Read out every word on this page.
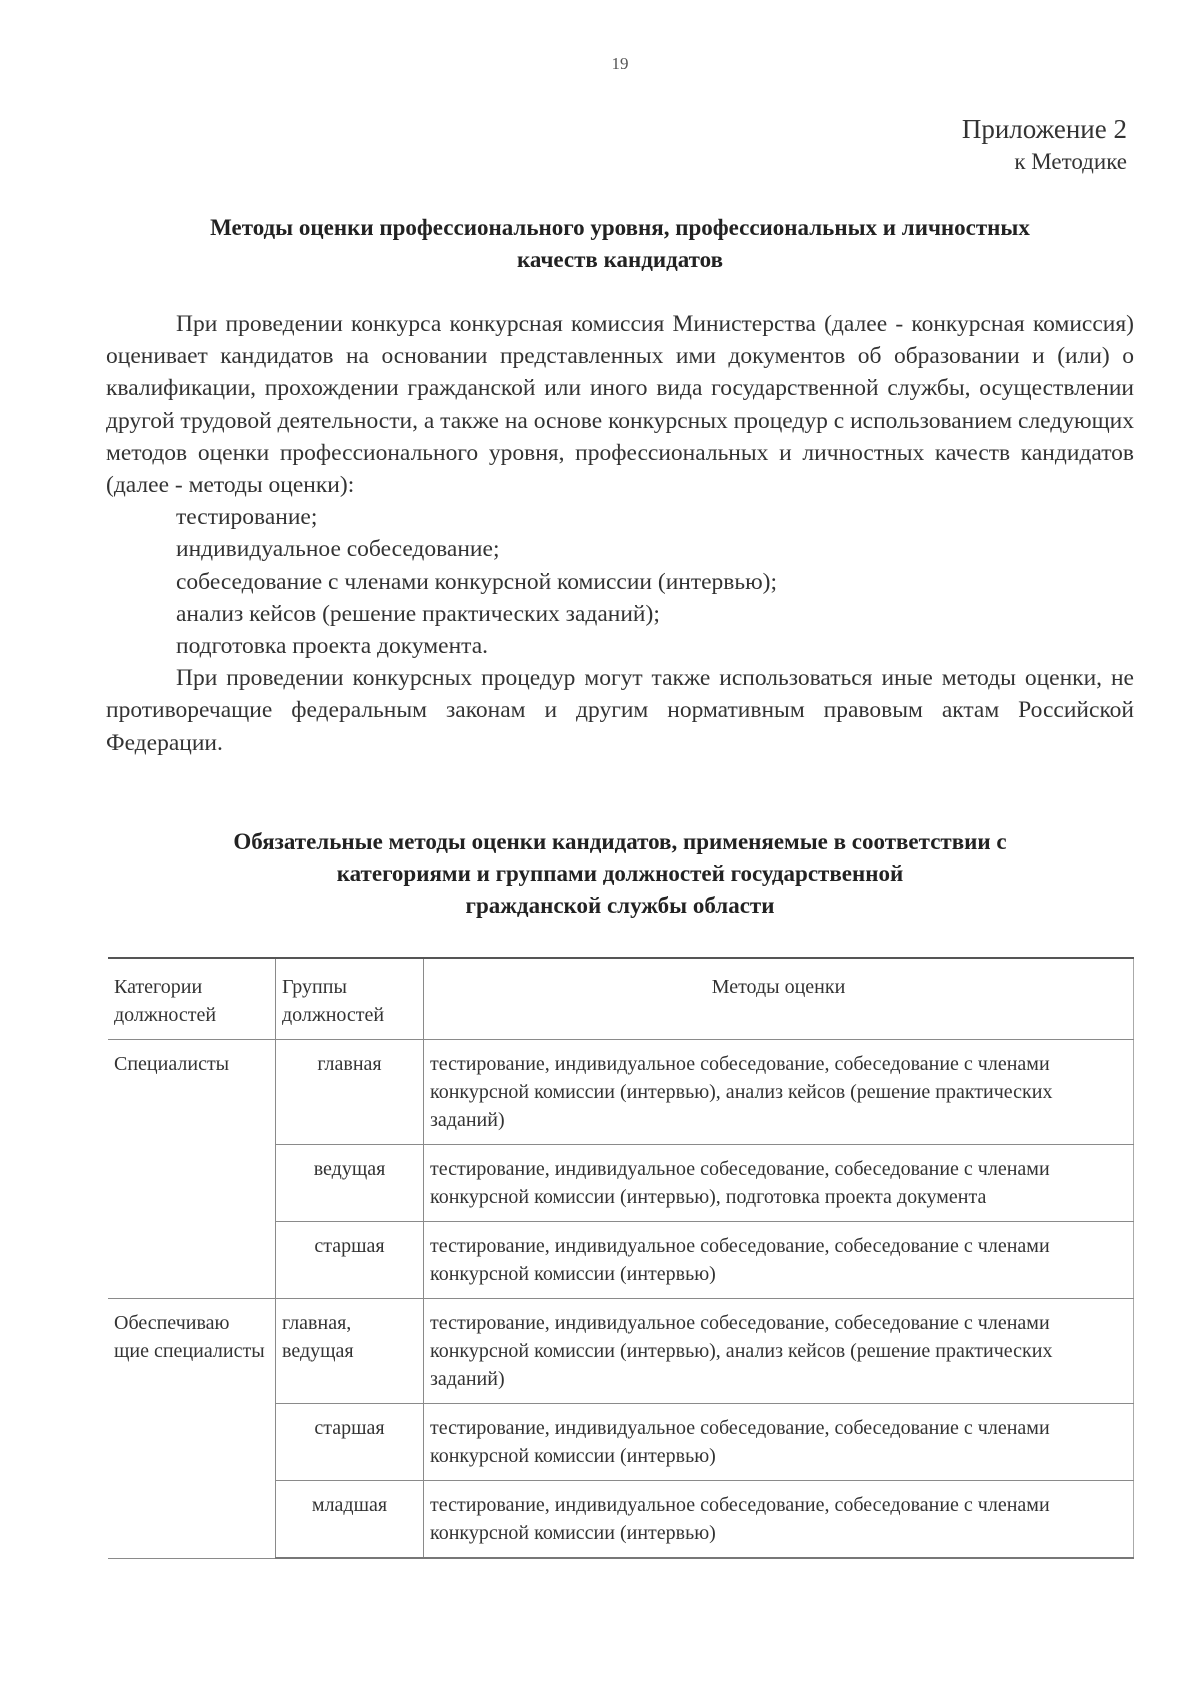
19
Приложение 2
к Методике
Методы оценки профессионального уровня, профессиональных и личностных
качеств кандидатов

При проведении конкурса конкурсная комиссия Министерства (далее - конкурсная комиссия) оценивает кандидатов на основании представленных ими документов об образовании и (или) о квалификации, прохождении гражданской или иного вида государственной службы, осуществлении другой трудовой деятельности, а также на основе конкурсных процедур с использованием следующих методов оценки профессионального уровня, профессиональных и личностных качеств кандидатов (далее - методы оценки):

тестирование;
индивидуальное собеседование;
собеседование с членами конкурсной комиссии (интервью);
анализ кейсов (решение практических заданий);
подготовка проекта документа.

При проведении конкурсных процедур могут также использоваться иные методы оценки, не противоречащие федеральным законам и другим нормативным правовым актам Российской Федерации.

Обязательные методы оценки кандидатов, применяемые в соответствии с
категориями и группами должностей государственной
гражданской службы области
Категории должностей	Группы должностей	Методы оценки
Специалисты	главная	тестирование, индивидуальное собеседование, собеседование с членами конкурсной комиссии (интервью), анализ кейсов (решение практических заданий)
	ведущая	тестирование, индивидуальное собеседование, собеседование с членами конкурсной комиссии (интервью), подготовка проекта документа
	старшая	тестирование, индивидуальное собеседование, собеседование с членами конкурсной комиссии (интервью)
Обеспечиваю щие специалисты	главная, ведущая	тестирование, индивидуальное собеседование, собеседование с членами конкурсной комиссии (интервью), анализ кейсов (решение практических заданий)
	старшая	тестирование, индивидуальное собеседование, собеседование с членами конкурсной комиссии (интервью)
	младшая	тестирование, индивидуальное собеседование, собеседование с членами конкурсной комиссии (интервью)
